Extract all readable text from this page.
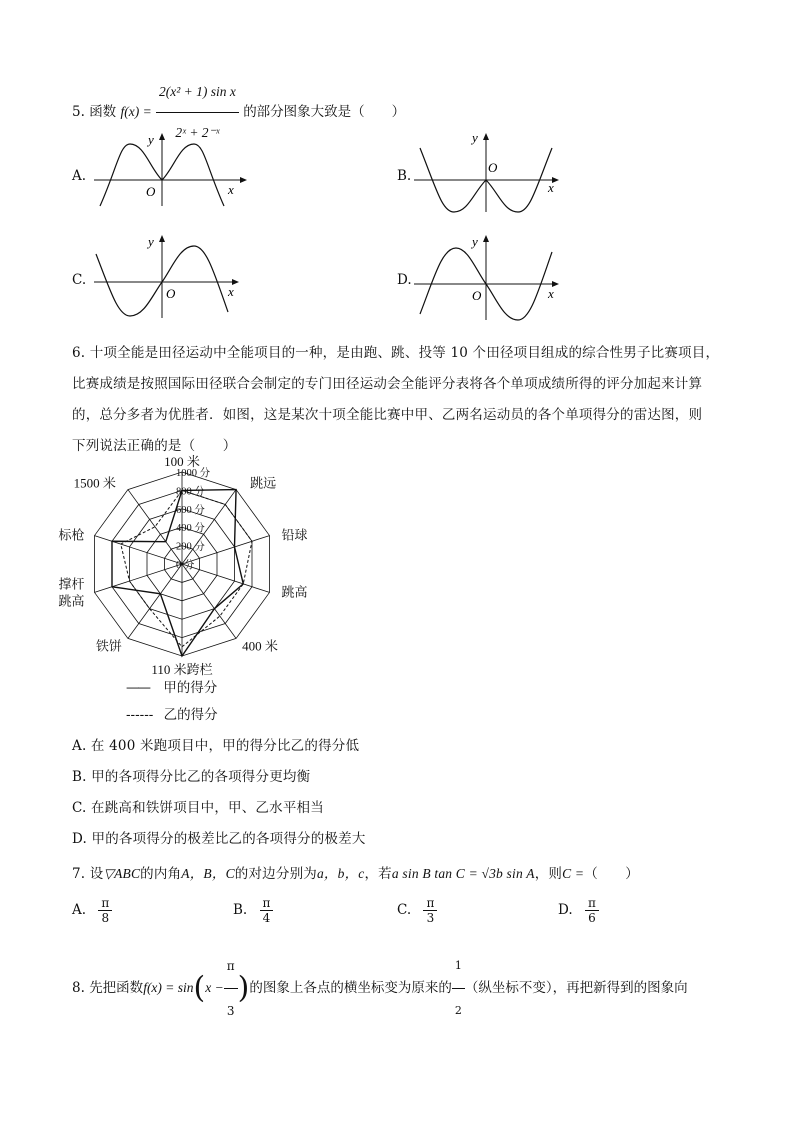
5. 函数 $f(x) = \frac{\text{2(x² + 1) sin x}}{\text{2ˣ + 2⁻ˣ}}$ 的部分图象大致是（　　）
A.
y
x
O
B.
y
x
O
C.
y
x
O
D.
y
x
O
6. 十项全能是田径运动中全能项目的一种，是由跑、跳、投等 10 个田径项目组成的综合性男子比赛项目，
比赛成绩是按照国际田径联合会制定的专门田径运动会全能评分表将各个单项成绩所得的评分加起来计算
的，总分多者为优胜者．如图，这是某次十项全能比赛中甲、乙两名运动员的各个单项得分的雷达图，则
下列说法正确的是（　　）
0 分
200 分
400 分
600 分
800 分
1000 分
100 米
跳远
铅球
跳高
400 米
110 米跨栏
铁饼
撑杆
跳高
标枪
1500 米
—— 甲的得分
------ 乙的得分
A. 在 400 米跑项目中，甲的得分比乙的得分低
B. 甲的各项得分比乙的各项得分更均衡
C. 在跳高和铁饼项目中，甲、乙水平相当
D. 甲的各项得分的极差比乙的各项得分的极差大
7. 设▽ABC的内角A，B，C的对边分别为a，b，c，若a sin B tan C = √3b sin A，则C =（　　）
A. $\frac{\pi}{8}$	B. $\frac{\pi}{4}$	C. $\frac{\pi}{3}$	D. $\frac{\pi}{6}$
8. 先把函数$f(x) = \sin(x - \frac{\pi}{3}$ )的图象上各点的横坐标变为原来的 $\frac{1}{2}$ （纵坐标不变），再把新得到的图象向
